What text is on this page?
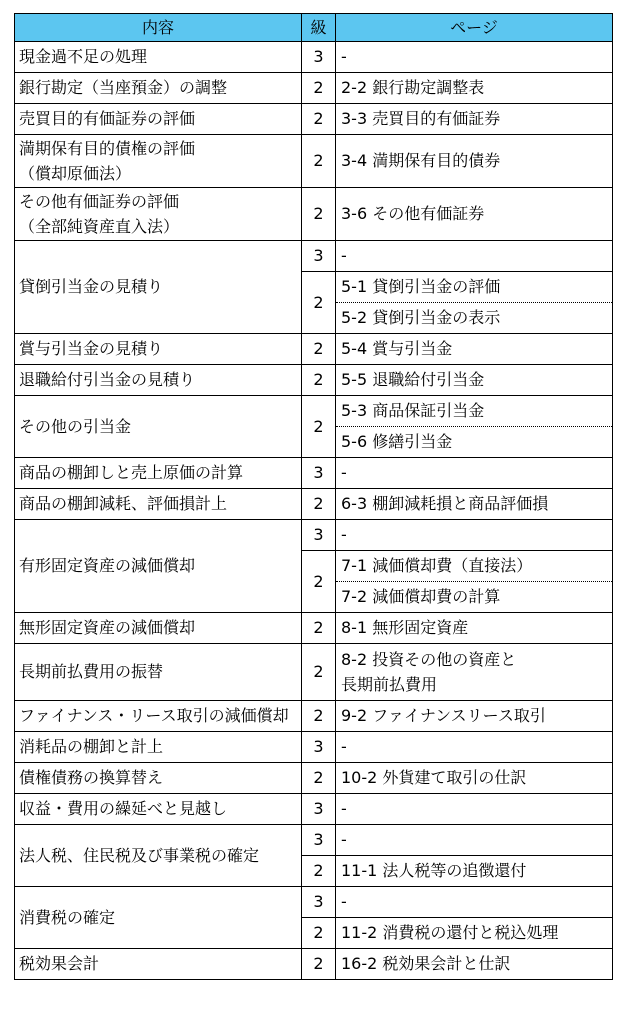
内容	級	ページ
現金過不足の処理	3	-
銀行勘定（当座預金）の調整	2	2-2 銀行勘定調整表
売買目的有価証券の評価	2	3-3 売買目的有価証券

満期保有目的債権の評価
（償却原価法）	2	3-4 満期保有目的債券

その他有価証券の評価
（全部純資産直入法）	2	3-6 その他有価証券
貸倒引当金の見積り	3	-
	2	5-1 貸倒引当金の評価
		5-2 貸倒引当金の表示
賞与引当金の見積り	2	5-4 賞与引当金
退職給付引当金の見積り	2	5-5 退職給付引当金
その他の引当金	2	5-3 商品保証引当金
		5-6 修繕引当金
商品の棚卸しと売上原価の計算	3	-
商品の棚卸減耗、評価損計上	2	6-3 棚卸減耗損と商品評価損
有形固定資産の減価償却	3	-
	2	7-1 減価償却費（直接法）
		7-2 減価償却費の計算
無形固定資産の減価償却	2	8-1 無形固定資産
長期前払費用の振替	2	8-2 投資その他の資産と
長期前払費用

ファイナンス・リース取引の減価償却	2	9-2 ファイナンスリース取引
消耗品の棚卸と計上	3	-
債権債務の換算替え	2	10-2 外貨建て取引の仕訳
収益・費用の繰延べと見越し	3	-
法人税、住民税及び事業税の確定	3	-
	2	11-1 法人税等の追徴還付
消費税の確定	3	-
	2	11-2 消費税の還付と税込処理
税効果会計	2	16-2 税効果会計と仕訳
